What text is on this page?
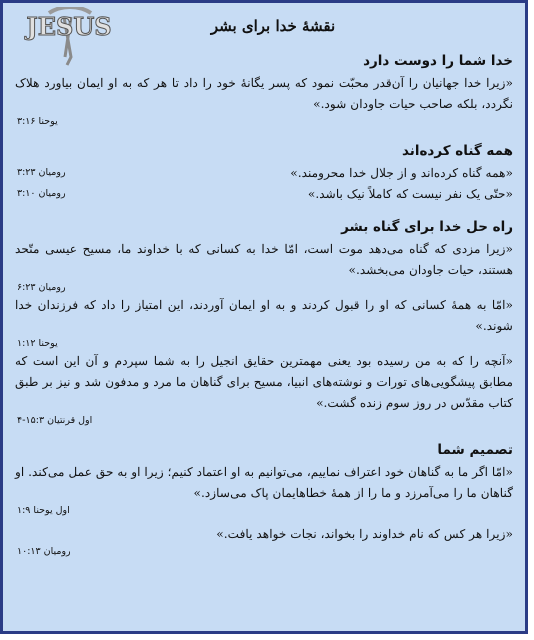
JESUS	نقشۀ خدا برای بشر
خدا شما را دوست دارد
«زیرا خدا جهانیان را آن‌قدر محبّت نمود که پسر یگانۀ خود را داد تا هر که به او ایمان بیاورد هلاک نگردد، بلکه صاحب حیات جاودان شود.»
یوحنا ۳:۱۶
همه گناه کرده‌اند
رومیان ۳:۲۳	«همه گناه کرده‌اند و از جلال خدا محرومند.»
رومیان ۳:۱۰	«حتّی یک نفر نیست که کاملاً نیک باشد.»
راه حل خدا برای گناه بشر
«زیرا مزدی که گناه می‌دهد موت است، امّا خدا به کسانی که با خداوند ما، مسیح عیسی متّحد هستند، حیات جاودان می‌بخشد.»
رومیان ۶:۲۳
«امّا به همۀ کسانی که او را قبول کردند و به او ایمان آوردند، این امتیاز را داد که فرزندان خدا شوند.»
یوحنا ۱:۱۲
«آنچه را که به من رسیده بود یعنی مهمترین حقایق انجیل را به شما سپردم و آن این است که مطابق پیشگویی‌های تورات و نوشته‌های انبیا، مسیح برای گناهان ما مرد و مدفون شد و نیز بر طبق کتاب مقدّس در روز سوم زنده گشت.»
اول قرنتیان ۱۵:۳-۴
تصمیم شما
«امّا اگر ما به گناهان خود اعتراف نماییم، می‌توانیم به او اعتماد کنیم؛ زیرا او به حق عمل می‌کند. او گناهان ما را می‌آمرزد و ما را از همۀ خطاهایمان پاک می‌سازد.»
اول یوحنا ۱:۹
«زیرا هر کس که نام خداوند را بخواند، نجات خواهد یافت.»
رومیان ۱۰:۱۳
